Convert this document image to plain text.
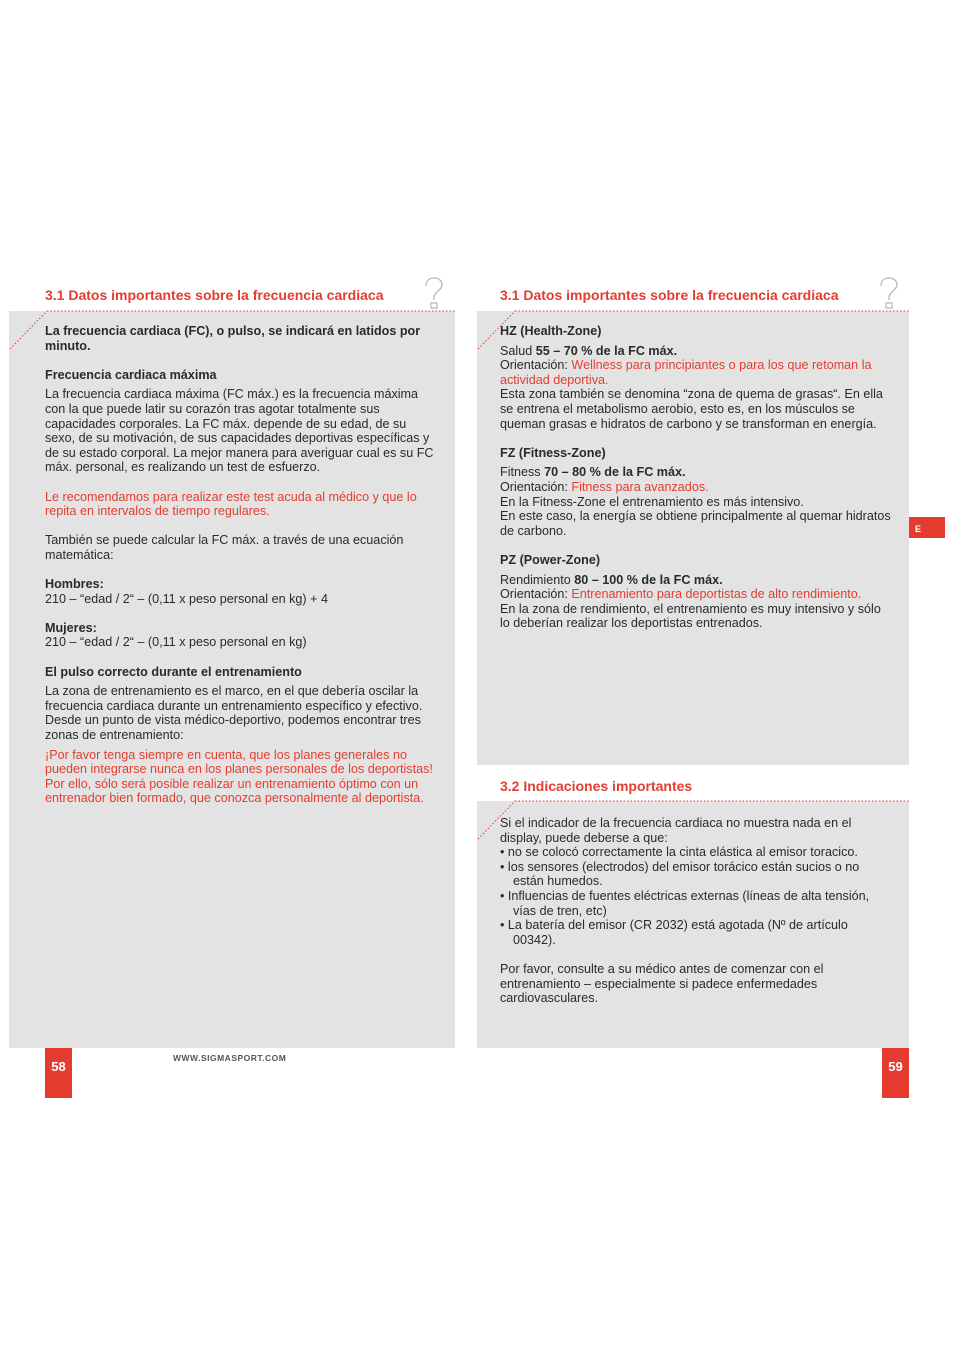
3.1 Datos importantes sobre la frecuencia cardiaca

La frecuencia cardiaca (FC), o pulso, se indicará en latidos por minuto.

Frecuencia cardiaca máxima

La frecuencia cardiaca máxima (FC máx.) es la frecuencia máxima con la que puede latir su corazón tras agotar totalmente sus capacidades corporales. La FC máx. depende de su edad, de su sexo, de su motivación, de sus capacidades deportivas específicas y de su estado corporal. La mejor manera para averiguar cual es su FC máx. personal, es realizando un test de esfuerzo.

Le recomendamos para realizar este test acuda al médico y que lo repita en intervalos de tiempo regulares.

También se puede calcular la FC máx. a través de una ecuación matemática:

Hombres:

210 – “edad / 2“ – (0,11 x peso personal en kg) + 4

Mujeres:

210 – “edad / 2“ – (0,11 x peso personal en kg)

El pulso correcto durante el entrenamiento

La zona de entrenamiento es el marco, en el que debería oscilar la frecuencia cardiaca durante un entrenamiento específico y efectivo. Desde un punto de vista médico-deportivo, podemos encontrar tres zonas de entrenamiento:

¡Por favor tenga siempre en cuenta, que los planes generales no pueden integrarse nunca en los planes personales de los deportistas! Por ello, sólo será posible realizar un entrenamiento óptimo con un entrenador bien formado, que conozca personalmente al deportista.

58
WWW.SIGMASPORT.COM
3.1 Datos importantes sobre la frecuencia cardiaca

HZ (Health-Zone)

Salud 55 – 70 % de la FC máx.

Orientación: Wellness para principiantes o para los que retoman la actividad deportiva.

Esta zona también se denomina “zona de quema de grasas“. En ella se entrena el metabolismo aerobio, esto es, en los músculos se queman grasas e hidratos de carbono y se transforman en energía.

FZ (Fitness-Zone)

Fitness 70 – 80 % de la FC máx.

Orientación: Fitness para avanzados.

En la Fitness-Zone el entrenamiento es más intensivo.

En este caso, la energía se obtiene principalmente al quemar hidratos de carbono.

PZ (Power-Zone)

Rendimiento 80 – 100 % de la FC máx.

Orientación: Entrenamiento para deportistas de alto rendimiento.

En la zona de rendimiento, el entrenamiento es muy intensivo y sólo lo deberían realizar los deportistas entrenados.

3.2 Indicaciones importantes

Si el indicador de la frecuencia cardiaca no muestra nada en el display, puede deberse a que:

• no se colocó correctamente la cinta elástica al emisor toracico.

• los sensores (electrodos) del emisor torácico están sucios o no están humedos.

• Influencias de fuentes eléctricas externas (líneas de alta tensión, vías de tren, etc)

• La batería del emisor (CR 2032) está agotada (Nº de artículo 00342).

Por favor, consulte a su médico antes de comenzar con el entrenamiento – especialmente si padece enfermedades cardiovasculares.

59
E
